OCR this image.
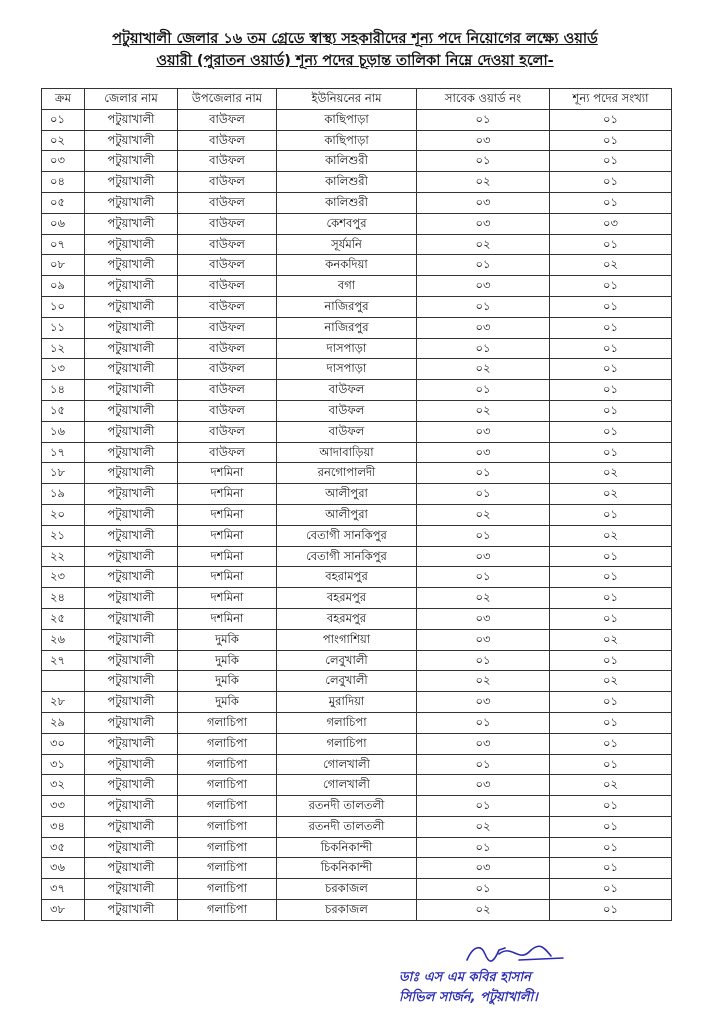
পটুয়াখালী জেলার ১৬ তম গ্রেডে স্বাস্থ্য সহকারীদের শূন্য পদে নিয়োগের লক্ষ্যে ওয়ার্ড
ওয়ারী (পুরাতন ওয়ার্ড) শূন্য পদের চূড়ান্ত তালিকা নিম্নে দেওয়া হলো-
ক্রম	জেলার নাম	উপজেলার নাম	ইউনিয়নের নাম	সাবেক ওয়ার্ড নং	শূন্য পদের সংখ্যা
০১	পটুয়াখালী	বাউফল	কাছিপাড়া	০১	০১
০২	পটুয়াখালী	বাউফল	কাছিপাড়া	০৩	০১
০৩	পটুয়াখালী	বাউফল	কালিশুরী	০১	০১
০৪	পটুয়াখালী	বাউফল	কালিশুরী	০২	০১
০৫	পটুয়াখালী	বাউফল	কালিশুরী	০৩	০১
০৬	পটুয়াখালী	বাউফল	কেশবপুর	০৩	০৩
০৭	পটুয়াখালী	বাউফল	সূর্যমনি	০২	০১
০৮	পটুয়াখালী	বাউফল	কনকদিয়া	০১	০২
০৯	পটুয়াখালী	বাউফল	বগা	০৩	০১
১০	পটুয়াখালী	বাউফল	নাজিরপুর	০১	০১
১১	পটুয়াখালী	বাউফল	নাজিরপুর	০৩	০১
১২	পটুয়াখালী	বাউফল	দাসপাড়া	০১	০১
১৩	পটুয়াখালী	বাউফল	দাসপাড়া	০২	০১
১৪	পটুয়াখালী	বাউফল	বাউফল	০১	০১
১৫	পটুয়াখালী	বাউফল	বাউফল	০২	০১
১৬	পটুয়াখালী	বাউফল	বাউফল	০৩	০১
১৭	পটুয়াখালী	বাউফল	আদাবাড়িয়া	০৩	০১
১৮	পটুয়াখালী	দশমিনা	রনগোপালদী	০১	০২
১৯	পটুয়াখালী	দশমিনা	আলীপুরা	০১	০২
২০	পটুয়াখালী	দশমিনা	আলীপুরা	০২	০১
২১	পটুয়াখালী	দশমিনা	বেতাগী সানকিপুর	০১	০২
২২	পটুয়াখালী	দশমিনা	বেতাগী সানকিপুর	০৩	০১
২৩	পটুয়াখালী	দশমিনা	বহরামপুর	০১	০১
২৪	পটুয়াখালী	দশমিনা	বহরমপুর	০২	০১
২৫	পটুয়াখালী	দশমিনা	বহরমপুর	০৩	০১
২৬	পটুয়াখালী	দুমকি	পাংগাশিয়া	০৩	০২
২৭	পটুয়াখালী	দুমকি	লেবুখালী	০১	০১
	পটুয়াখালী	দুমকি	লেবুখালী	০২	০২
২৮	পটুয়াখালী	দুমকি	মুরাদিয়া	০৩	০১
২৯	পটুয়াখালী	গলাচিপা	গলাচিপা	০১	০১
৩০	পটুয়াখালী	গলাচিপা	গলাচিপা	০৩	০১
৩১	পটুয়াখালী	গলাচিপা	গোলখালী	০১	০১
৩২	পটুয়াখালী	গলাচিপা	গোলখালী	০৩	০২
৩৩	পটুয়াখালী	গলাচিপা	রতনদী তালতলী	০১	০১
৩৪	পটুয়াখালী	গলাচিপা	রতনদী তালতলী	০২	০১
৩৫	পটুয়াখালী	গলাচিপা	চিকনিকান্দী	০১	০১
৩৬	পটুয়াখালী	গলাচিপা	চিকনিকান্দী	০৩	০১
৩৭	পটুয়াখালী	গলাচিপা	চরকাজল	০১	০১
৩৮	পটুয়াখালী	গলাচিপা	চরকাজল	০২	০১
ডাঃ এস এম কবির হাসান
সিভিল সার্জন, পটুয়াখালী।
